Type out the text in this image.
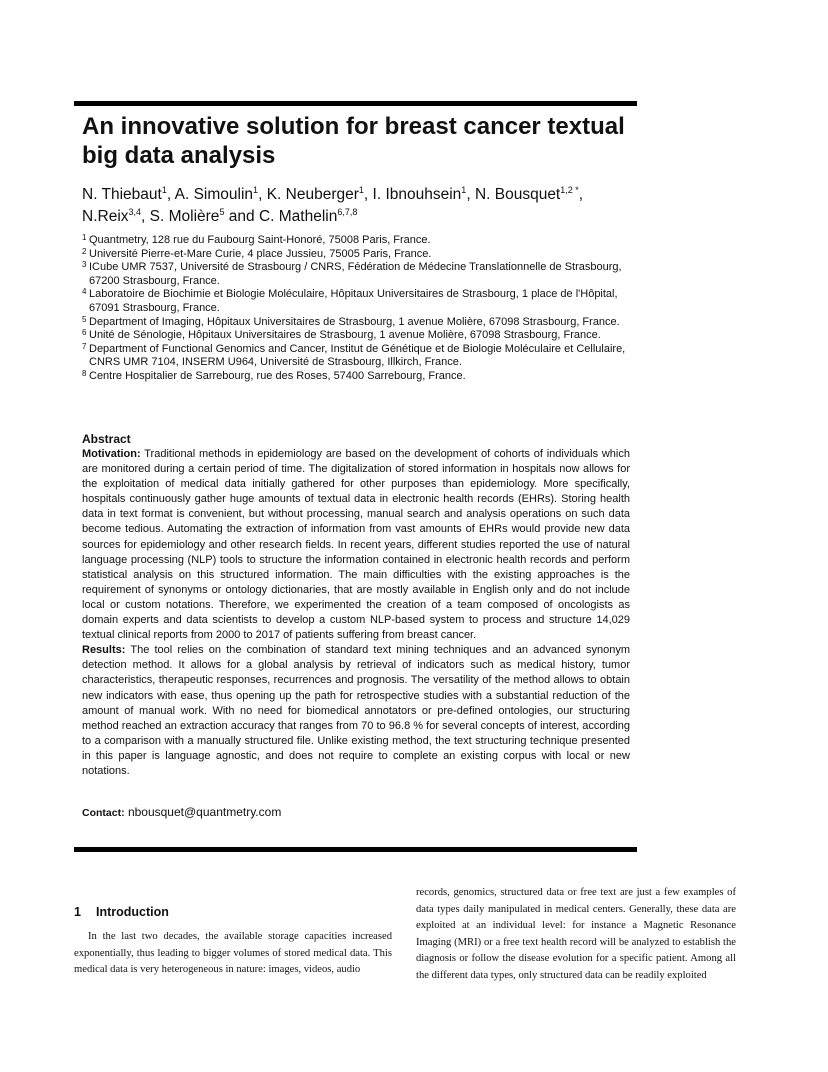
An innovative solution for breast cancer textual big data analysis
N. Thiebaut$^1$, A. Simoulin$^1$, K. Neuberger$^1$, I. Ibnouhsein$^1$, N. Bousquet$^{1,2 *}$,
N.Reix$^{3,4}$, S. Molière$^5$ and C. Mathelin$^{6,7,8}$
1 Quantmetry, 128 rue du Faubourg Saint-Honoré, 75008 Paris, France.
2 Université Pierre-et-Mare Curie, 4 place Jussieu, 75005 Paris, France.
3 ICube UMR 7537, Université de Strasbourg / CNRS, Fédération de Médecine Translationnelle de Strasbourg, 67200 Strasbourg, France.
4 Laboratoire de Biochimie et Biologie Moléculaire, Hôpitaux Universitaires de Strasbourg, 1 place de l'Hôpital, 67091 Strasbourg, France.
5 Department of Imaging, Hôpitaux Universitaires de Strasbourg, 1 avenue Molière, 67098 Strasbourg, France.
6 Unité de Sénologie, Hôpitaux Universitaires de Strasbourg, 1 avenue Molière, 67098 Strasbourg, France.
7 Department of Functional Genomics and Cancer, Institut de Génétique et de Biologie Moléculaire et Cellulaire, CNRS UMR 7104, INSERM U964, Université de Strasbourg, Illkirch, France.
8 Centre Hospitalier de Sarrebourg, rue des Roses, 57400 Sarrebourg, France.
Abstract

Motivation: Traditional methods in epidemiology are based on the development of cohorts of individuals which are monitored during a certain period of time. The digitalization of stored information in hospitals now allows for the exploitation of medical data initially gathered for other purposes than epidemiology. More specifically, hospitals continuously gather huge amounts of textual data in electronic health records (EHRs). Storing health data in text format is convenient, but without processing, manual search and analysis operations on such data become tedious. Automating the extraction of information from vast amounts of EHRs would provide new data sources for epidemiology and other research fields. In recent years, different studies reported the use of natural language processing (NLP) tools to structure the information contained in electronic health records and perform statistical analysis on this structured information. The main difficulties with the existing approaches is the requirement of synonyms or ontology dictionaries, that are mostly available in English only and do not include local or custom notations. Therefore, we experimented the creation of a team composed of oncologists as domain experts and data scientists to develop a custom NLP-based system to process and structure 14,029 textual clinical reports from 2000 to 2017 of patients suffering from breast cancer.

Results: The tool relies on the combination of standard text mining techniques and an advanced synonym detection method. It allows for a global analysis by retrieval of indicators such as medical history, tumor characteristics, therapeutic responses, recurrences and prognosis. The versatility of the method allows to obtain new indicators with ease, thus opening up the path for retrospective studies with a substantial reduction of the amount of manual work. With no need for biomedical annotators or pre-defined ontologies, our structuring method reached an extraction accuracy that ranges from 70 to 96.8 % for several concepts of interest, according to a comparison with a manually structured file. Unlike existing method, the text structuring technique presented in this paper is language agnostic, and does not require to complete an existing corpus with local or new notations.

Contact: nbousquet@quantmetry.com
1 Introduction

In the last two decades, the available storage capacities increased exponentially, thus leading to bigger volumes of stored medical data. This medical data is very heterogeneous in nature: images, videos, audio

records, genomics, structured data or free text are just a few examples of data types daily manipulated in medical centers. Generally, these data are exploited at an individual level: for instance a Magnetic Resonance Imaging (MRI) or a free text health record will be analyzed to establish the diagnosis or follow the disease evolution for a specific patient. Among all the different data types, only structured data can be readily exploited
